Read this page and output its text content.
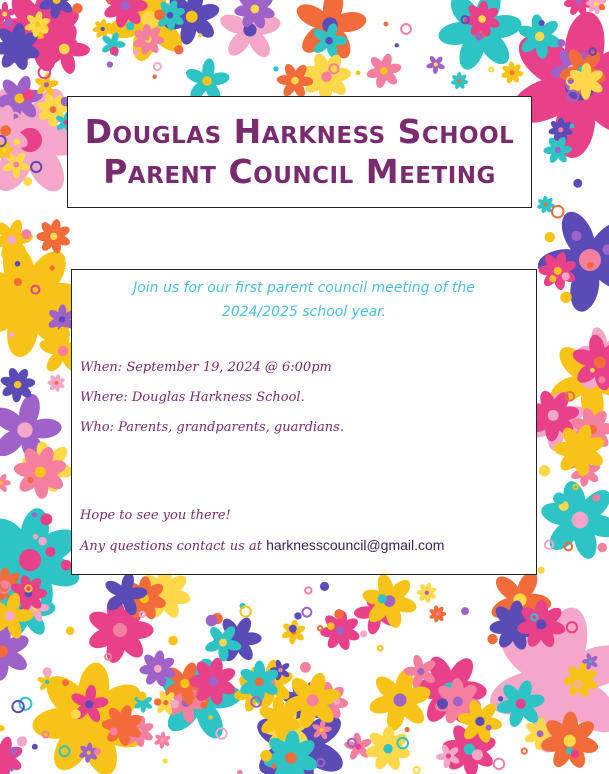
Douglas Harkness School
Parent Council Meeting
Join us for our first parent council meeting of the
2024/2025 school year.
When: September 19, 2024 @ 6:00pm
Where: Douglas Harkness School.
Who: Parents, grandparents, guardians.
Hope to see you there!
Any questions contact us at harknesscouncil@gmail.com
